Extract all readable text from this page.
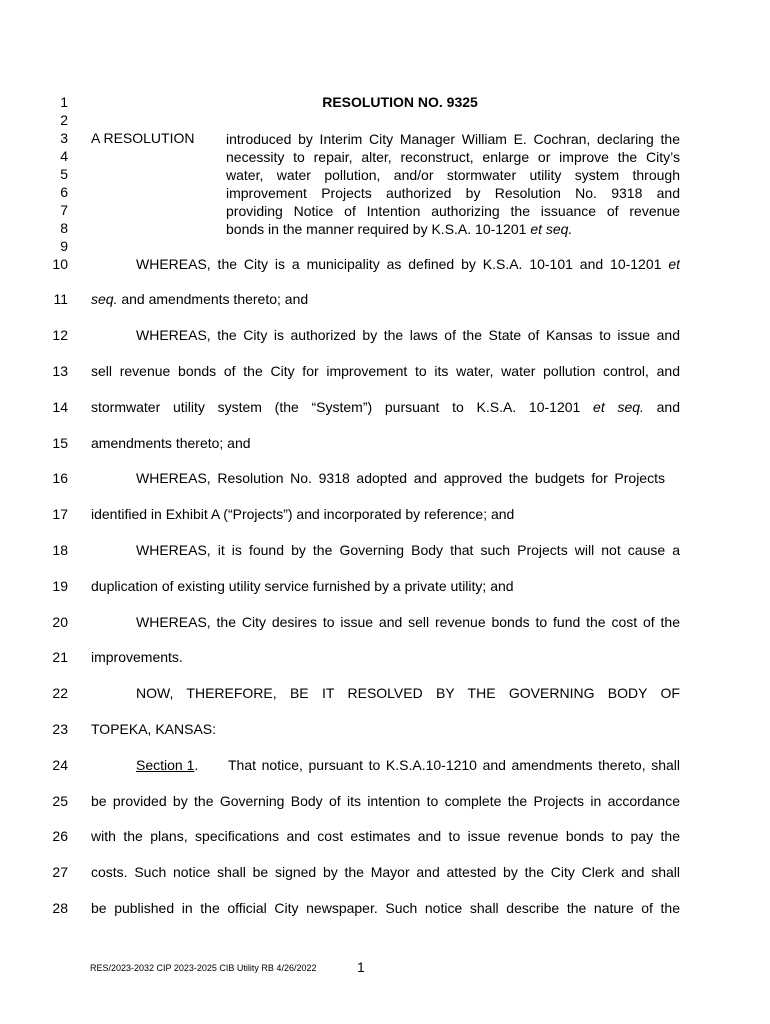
1
2
3
4
5
6
7
8
9
10
11
12
13
14
15
16
17
18
19
20
21
22
23
24
25
26
27
28
RESOLUTION NO. 9325
A RESOLUTION introduced by Interim City Manager William E. Cochran, declaring the
necessity to repair, alter, reconstruct, enlarge or improve the City’s
water, water pollution, and/or stormwater utility system through
improvement Projects authorized by Resolution No. 9318 and
providing Notice of Intention authorizing the issuance of revenue
bonds in the manner required by K.S.A. 10-1201 et seq.
WHEREAS, the City is a municipality as defined by K.S.A. 10-101 and 10-1201 et
seq. and amendments thereto; and
WHEREAS, the City is authorized by the laws of the State of Kansas to issue and
sell revenue bonds of the City for improvement to its water, water pollution control, and
stormwater utility system (the “System”) pursuant to K.S.A. 10-1201 et seq. and
amendments thereto; and
WHEREAS, Resolution No. 9318 adopted and approved the budgets for Projects
identified in Exhibit A (“Projects”) and incorporated by reference; and
WHEREAS, it is found by the Governing Body that such Projects will not cause a
duplication of existing utility service furnished by a private utility; and
WHEREAS, the City desires to issue and sell revenue bonds to fund the cost of the
improvements.
NOW, THEREFORE, BE IT RESOLVED BY THE GOVERNING BODY OF
TOPEKA, KANSAS:
Section 1. That notice, pursuant to K.S.A.10-1210 and amendments thereto, shall
be provided by the Governing Body of its intention to complete the Projects in accordance
with the plans, specifications and cost estimates and to issue revenue bonds to pay the
costs. Such notice shall be signed by the Mayor and attested by the City Clerk and shall
be published in the official City newspaper. Such notice shall describe the nature of the
RES/2023-2032 CIP 2023-2025 CIB Utility RB 4/26/2022	1
